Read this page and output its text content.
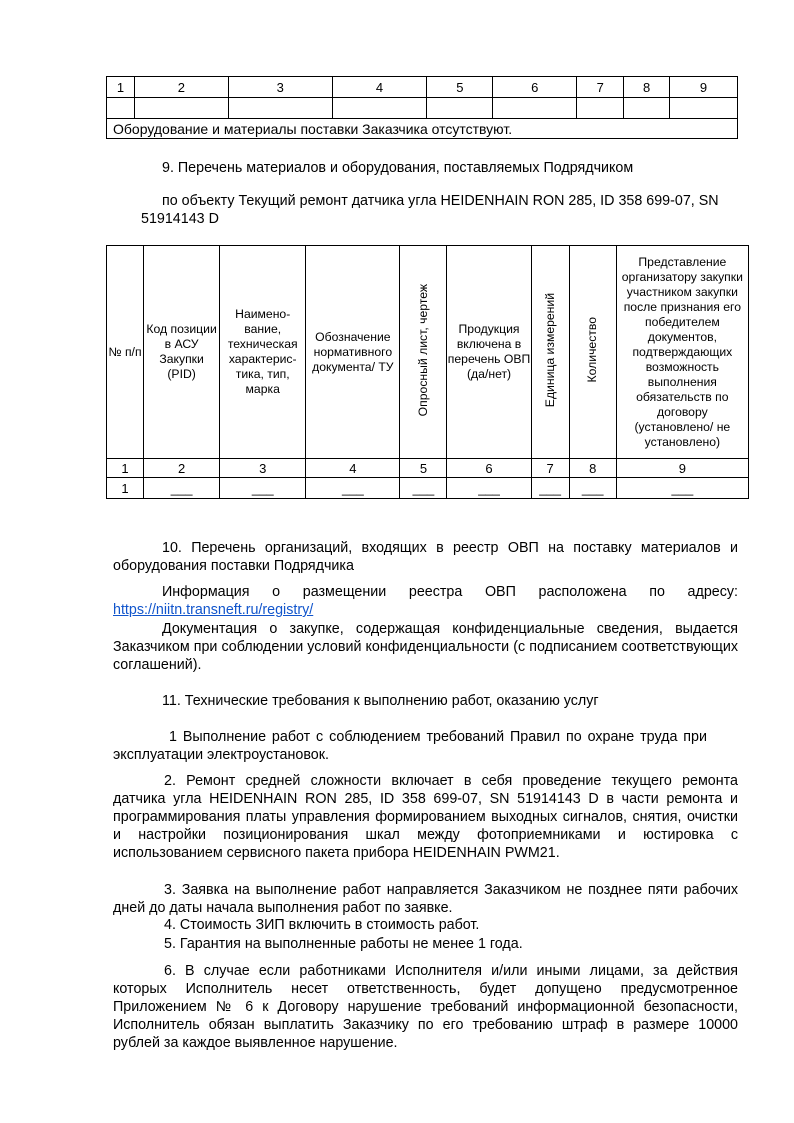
1	2	3	4	5	6	7	8	9

Оборудование и материалы поставки Заказчика отсутствуют.								
9. Перечень материалов и оборудования, поставляемых Подрядчиком
по объекту Текущий ремонт датчика угла HEIDENHAIN RON 285, ID 358 699-07, SN
51914143 D
№ п/п	Код позиции в АСУ Закупки (PID)	Наимено-вание, техническая характерис-тика, тип, марка	Обозначение нормативного документа/ ТУ	Опросный лист, чертеж	Продукция включена в перечень ОВП (да/нет)	Единица измерений	Количество	Представление организатору закупки участником закупки после признания его победителем документов, подтверждающих возможность выполнения обязательств по договору (установлено/ не установлено)
1	2	3	4	5	6	7	8	9
1	___	___	___	___	___	___	___	___
10. Перечень организаций, входящих в реестр ОВП на поставку материалов и оборудования поставки Подрядчика
Информация о размещении реестра ОВП расположена по адресу:
https://niitn.transneft.ru/registry/
Документация о закупке, содержащая конфиденциальные сведения, выдается Заказчиком при соблюдении условий конфиденциальности (с подписанием соответствующих соглашений).
11. Технические требования к выполнению работ, оказанию услуг
1 Выполнение работ с соблюдением требований Правил по охране труда при эксплуатации электроустановок.
2. Ремонт средней сложности включает в себя проведение текущего ремонта датчика угла HEIDENHAIN RON 285, ID 358 699-07, SN 51914143 D в части ремонта и программирования платы управления формированием выходных сигналов, снятия, очистки и настройки позиционирования шкал между фотоприемниками и юстировка с использованием сервисного пакета прибора HEIDENHAIN PWM21.
3. Заявка на выполнение работ направляется Заказчиком не позднее пяти рабочих дней до даты начала выполнения работ по заявке.
4. Стоимость ЗИП включить в стоимость работ.
5. Гарантия на выполненные работы не менее 1 года.
6. В случае если работниками Исполнителя и/или иными лицами, за действия которых Исполнитель несет ответственность, будет допущено предусмотренное Приложением № 6 к Договору нарушение требований информационной безопасности, Исполнитель обязан выплатить Заказчику по его требованию штраф в размере 10000 рублей за каждое выявленное нарушение.
